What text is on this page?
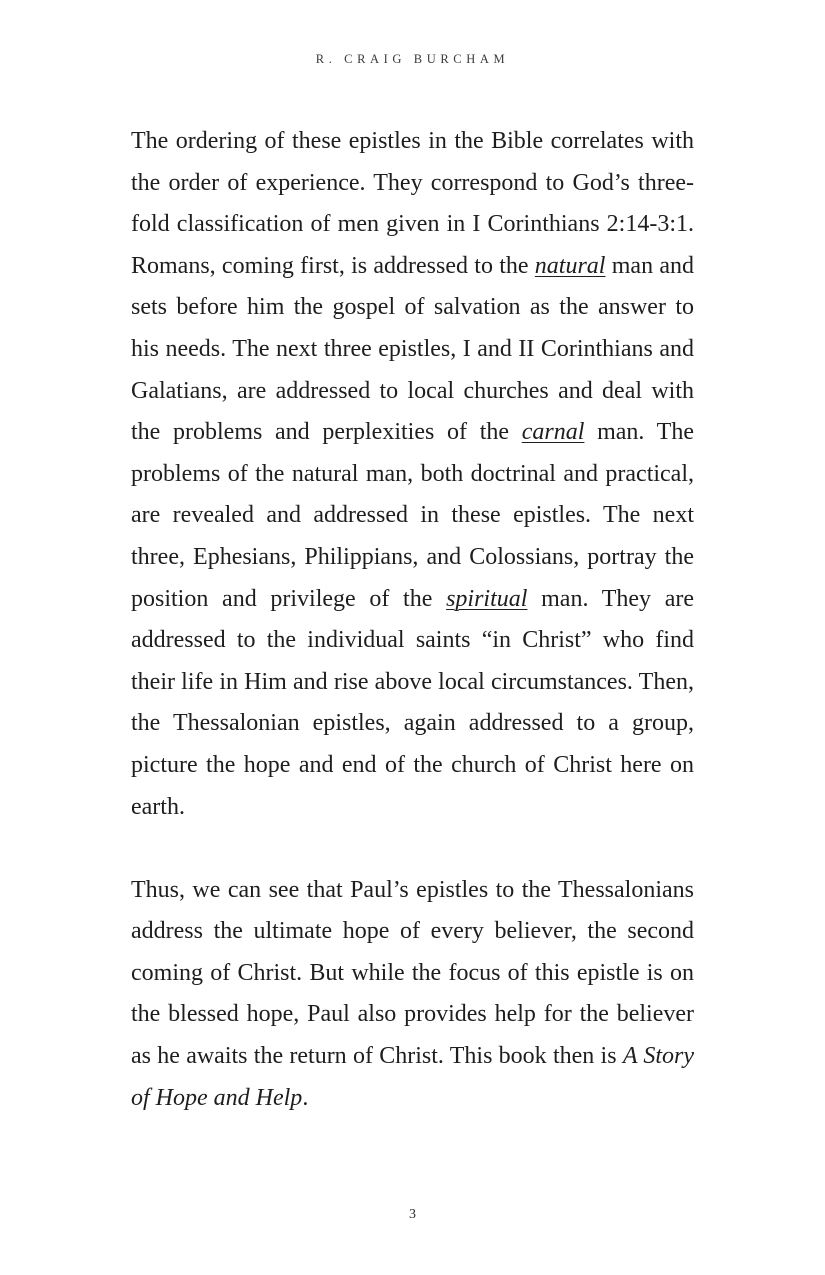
R. CRAIG BURCHAM

The ordering of these epistles in the Bible correlates with the order of experience. They correspond to God’s three-fold classification of men given in I Corinthians 2:14-3:1. Romans, coming first, is addressed to the natural man and sets before him the gospel of salvation as the answer to his needs. The next three epistles, I and II Corinthians and Galatians, are addressed to local churches and deal with the problems and perplexities of the carnal man. The problems of the natural man, both doctrinal and practical, are revealed and addressed in these epistles. The next three, Ephesians, Philippians, and Colossians, portray the position and privilege of the spiritual man. They are addressed to the individual saints “in Christ” who find their life in Him and rise above local circumstances. Then, the Thessalonian epistles, again addressed to a group, picture the hope and end of the church of Christ here on earth.

Thus, we can see that Paul’s epistles to the Thessalonians address the ultimate hope of every believer, the second coming of Christ. But while the focus of this epistle is on the blessed hope, Paul also provides help for the believer as he awaits the return of Christ. This book then is A Story of Hope and Help.

3
